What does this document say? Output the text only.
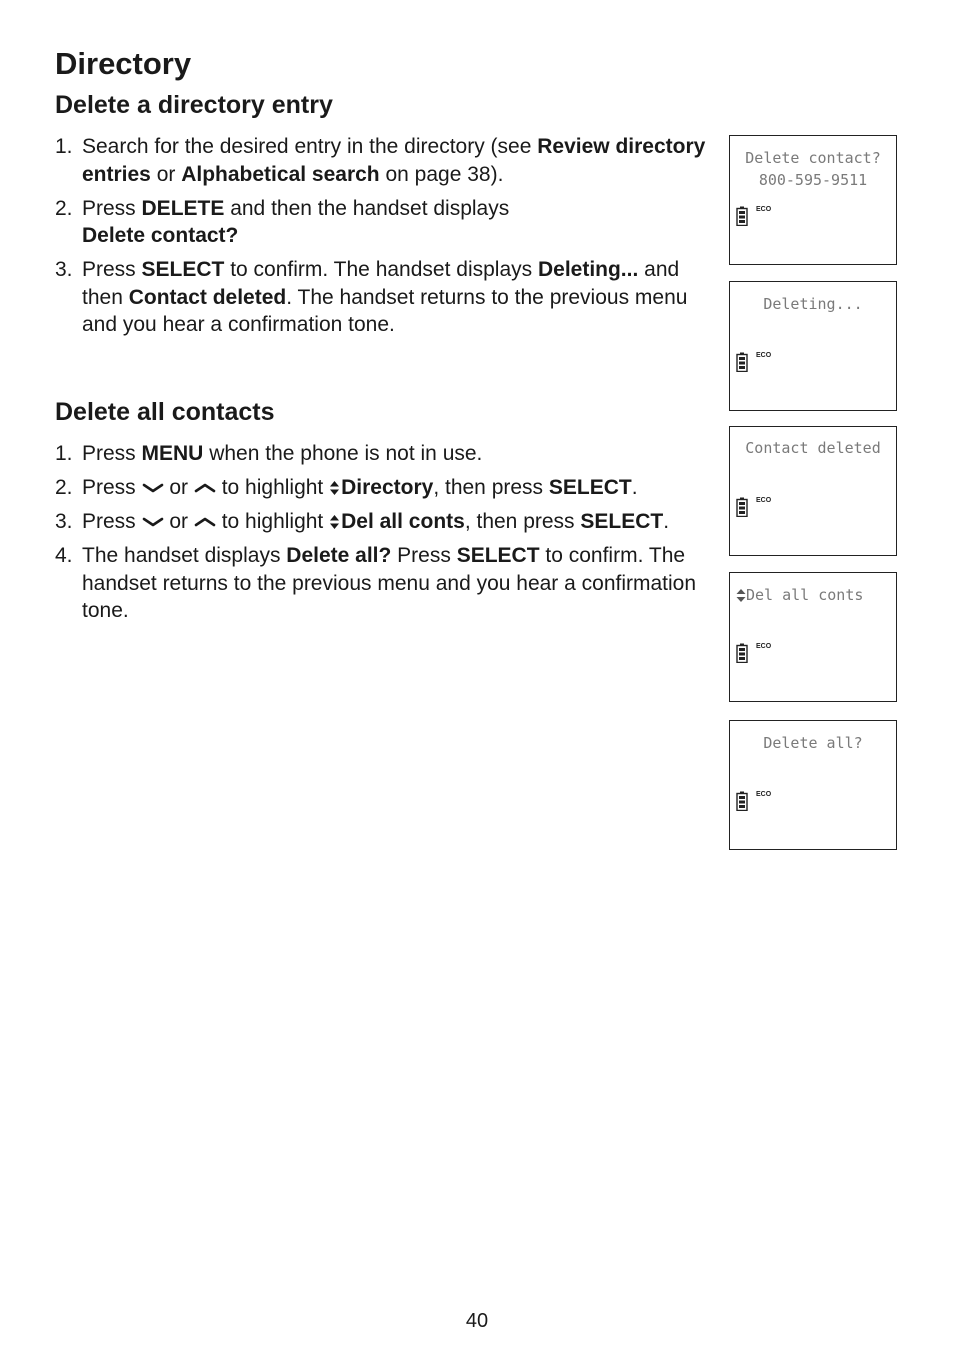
Directory
Delete a directory entry
1. Search for the desired entry in the directory (see Review directory entries or Alphabetical search on page 38).
2. Press DELETE and then the handset displays
Delete contact?
3. Press SELECT to confirm. The handset displays Deleting... and then Contact deleted. The handset returns to the previous menu and you hear a confirmation tone.
Delete all contacts
1. Press MENU when the phone is not in use.
2. Press  or  to highlight Directory, then press SELECT.
3. Press  or  to highlight Del all conts, then press SELECT.
4. The handset displays Delete all? Press SELECT to confirm. The handset returns to the previous menu and you hear a confirmation tone.
Delete contact?
800-595-9511
ECO
Deleting...
ECO
Contact deleted
ECO
Del all conts
ECO
Delete all?
ECO
40
